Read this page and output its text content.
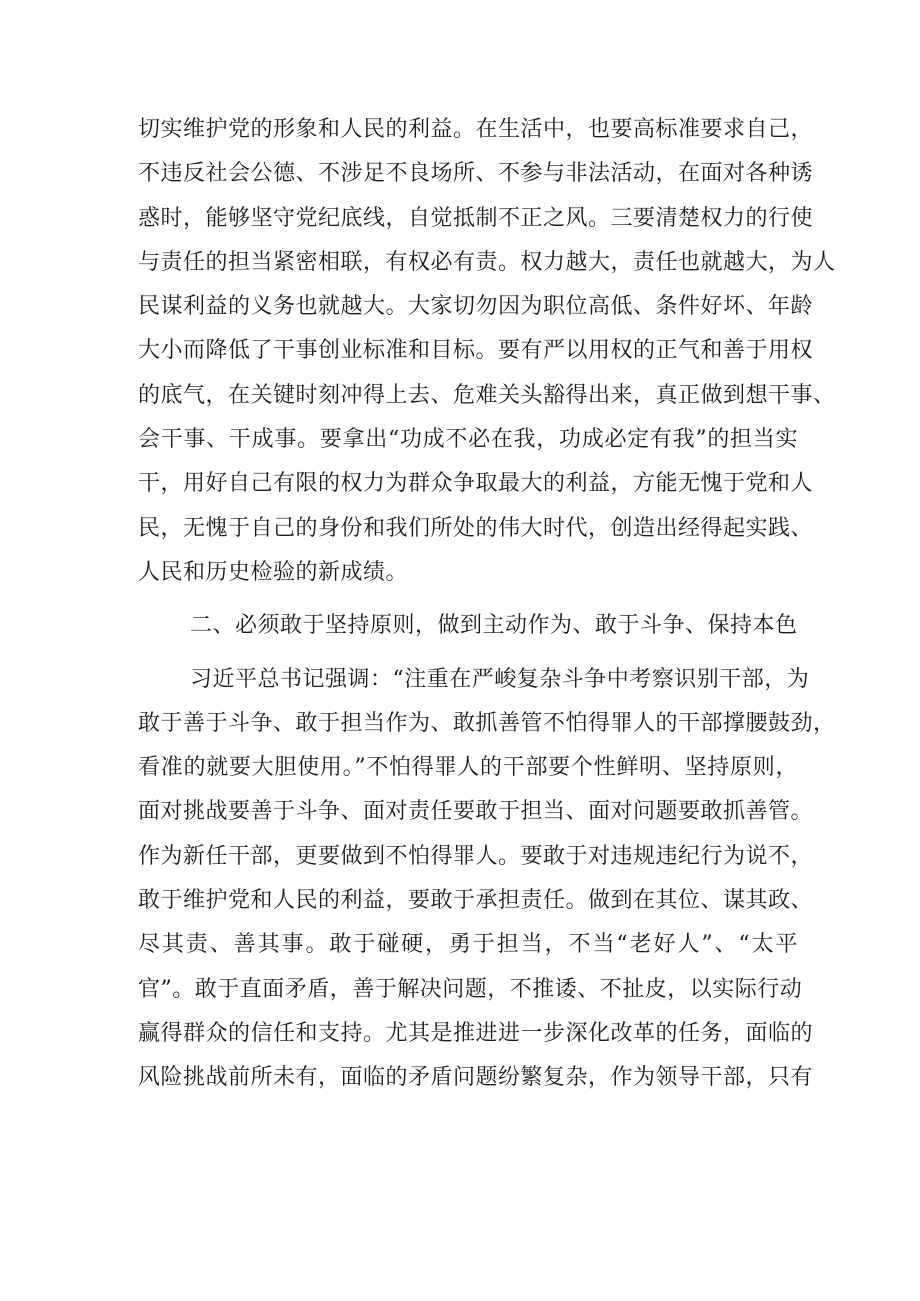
切实维护党的形象和人民的利益。在生活中，也要高标准要求自己，
不违反社会公德、不涉足不良场所、不参与非法活动，在面对各种诱
惑时，能够坚守党纪底线，自觉抵制不正之风。三要清楚权力的行使
与责任的担当紧密相联，有权必有责。权力越大，责任也就越大，为人
民谋利益的义务也就越大。大家切勿因为职位高低、条件好坏、年龄
大小而降低了干事创业标准和目标。要有严以用权的正气和善于用权
的底气，在关键时刻冲得上去、危难关头豁得出来，真正做到想干事、
会干事、干成事。要拿出“功成不必在我，功成必定有我”的担当实
干，用好自己有限的权力为群众争取最大的利益，方能无愧于党和人
民，无愧于自己的身份和我们所处的伟大时代，创造出经得起实践、
人民和历史检验的新成绩。
二、必须敢于坚持原则，做到主动作为、敢于斗争、保持本色
习近平总书记强调：“注重在严峻复杂斗争中考察识别干部，为
敢于善于斗争、敢于担当作为、敢抓善管不怕得罪人的干部撑腰鼓劲，
看准的就要大胆使用。”不怕得罪人的干部要个性鲜明、坚持原则，
面对挑战要善于斗争、面对责任要敢于担当、面对问题要敢抓善管。
作为新任干部，更要做到不怕得罪人。要敢于对违规违纪行为说不，
敢于维护党和人民的利益，要敢于承担责任。做到在其位、谋其政、
尽其责、善其事。敢于碰硬，勇于担当，不当“老好人”、“太平
官”。敢于直面矛盾，善于解决问题，不推诿、不扯皮，以实际行动
赢得群众的信任和支持。尤其是推进进一步深化改革的任务，面临的
风险挑战前所未有，面临的矛盾问题纷繁复杂，作为领导干部，只有
